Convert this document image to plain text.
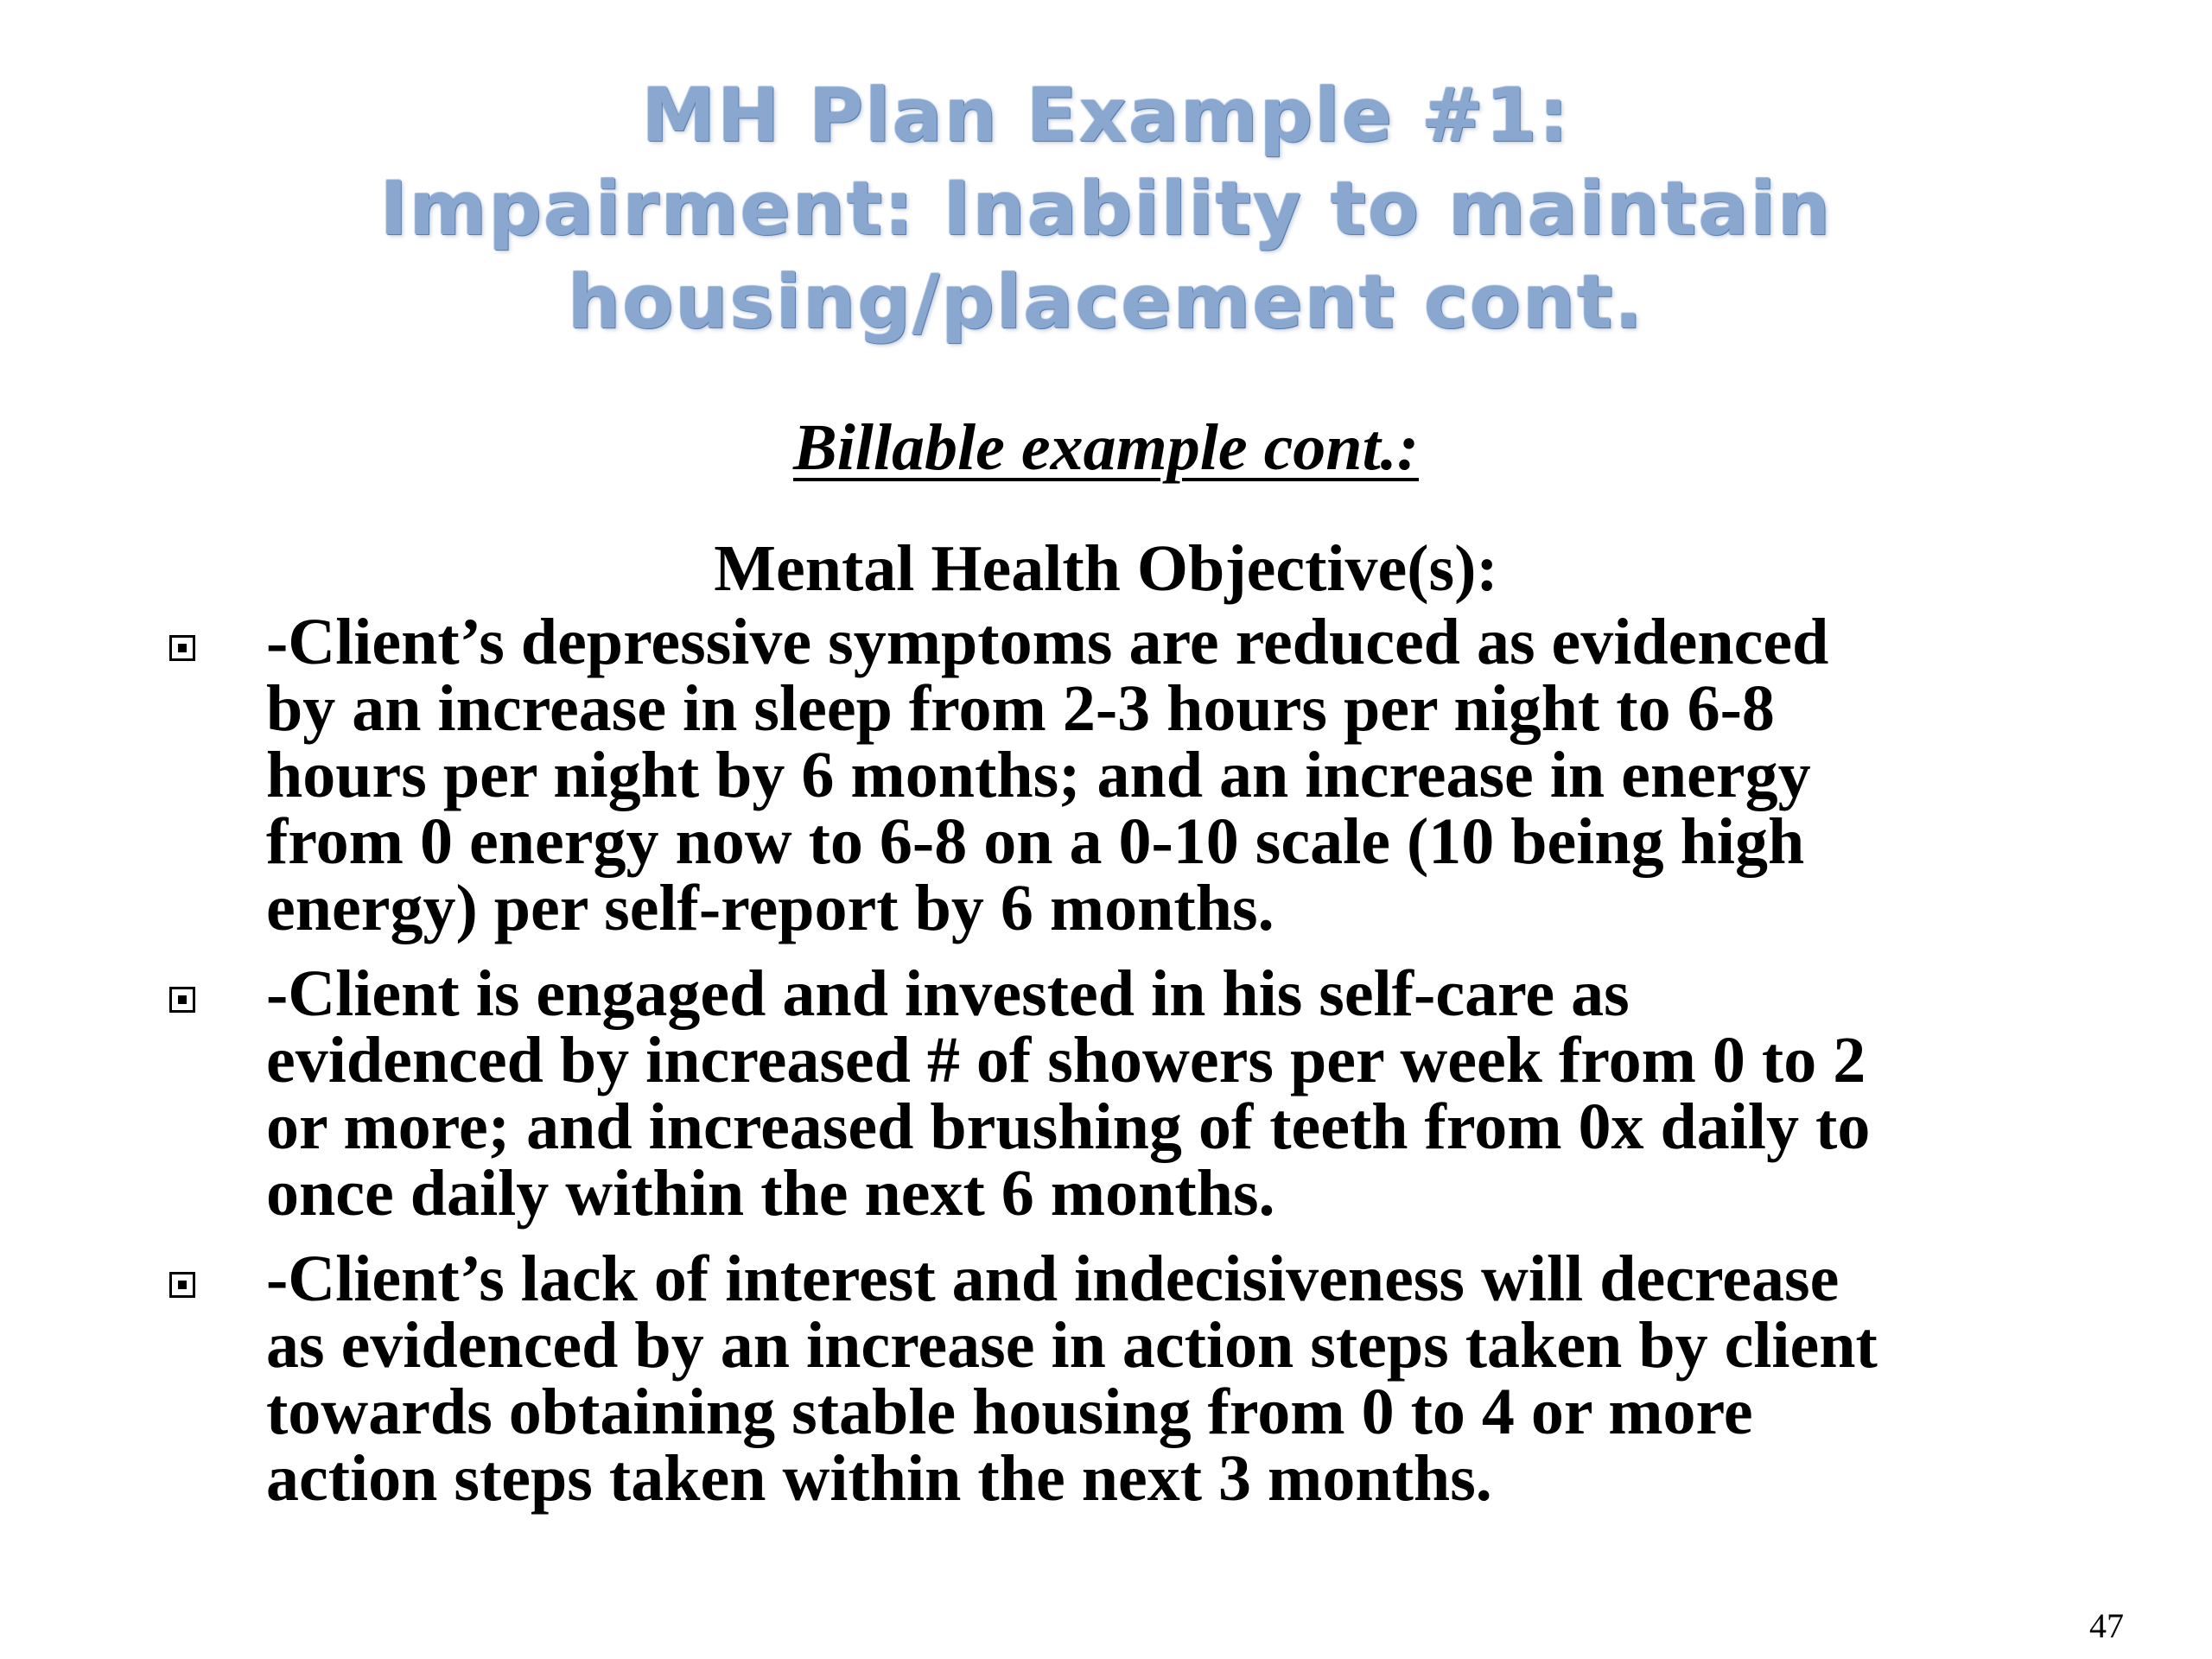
MH Plan Example #1:
Impairment: Inability to maintain
housing/placement cont.
Billable example cont.:
Mental Health Objective(s):
-Client’s depressive symptoms are reduced as evidenced
by an increase in sleep from 2-3 hours per night to 6-8
hours per night by 6 months; and an increase in energy
from 0 energy now to 6-8 on a 0-10 scale (10 being high
energy) per self-report by 6 months.
-Client is engaged and invested in his self-care as
evidenced by increased # of showers per week from 0 to 2
or more; and increased brushing of teeth from 0x daily to
once daily within the next 6 months.
-Client’s lack of interest and indecisiveness will decrease
as evidenced by an increase in action steps taken by client
towards obtaining stable housing from 0 to 4 or more
action steps taken within the next 3 months.
47
